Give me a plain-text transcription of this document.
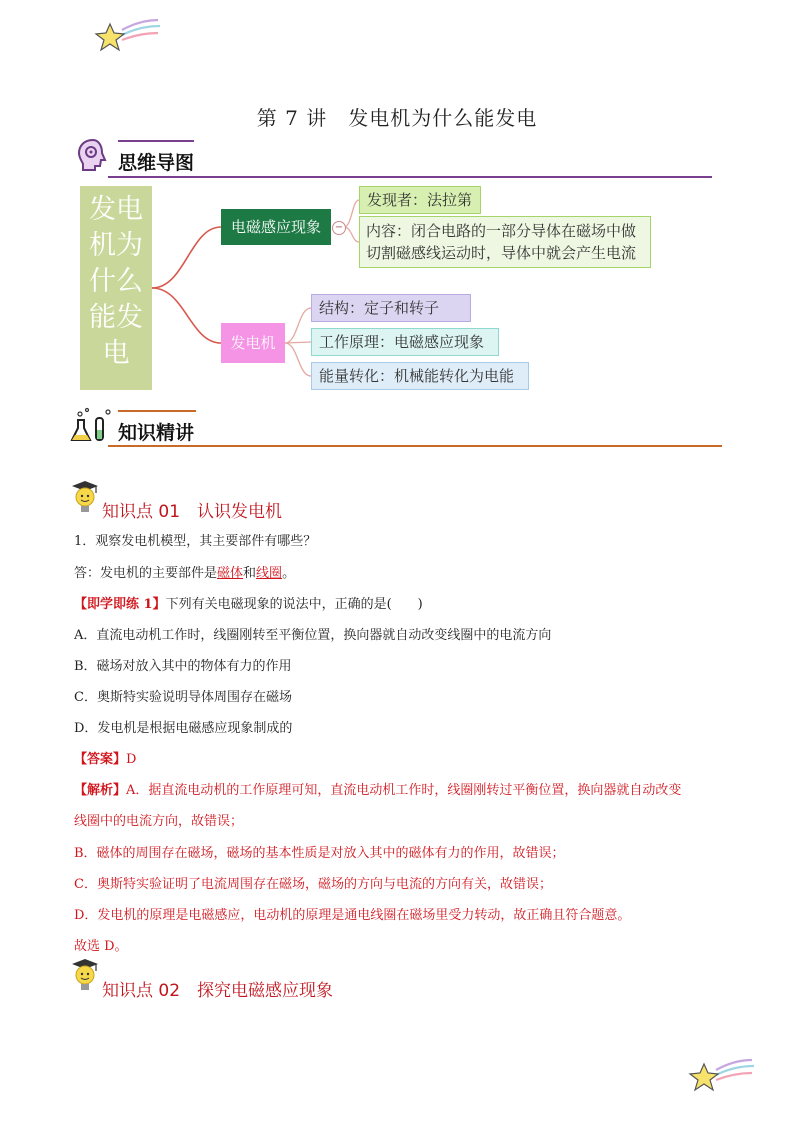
第 7 讲　发电机为什么能发电
思维导图
发电
机为
什么
能发
电
电磁感应现象	−
发现者：法拉第
内容：闭合电路的一部分导体在磁场中做
切割磁感线运动时，导体中就会产生电流
发电机
结构：定子和转子
工作原理：电磁感应现象
能量转化：机械能转化为电能
知识精讲
知识点 01　认识发电机
1．观察发电机模型，其主要部件有哪些？
答：发电机的主要部件是磁体和线圈。
【即学即练 1】下列有关电磁现象的说法中，正确的是(　　)
A．直流电动机工作时，线圈刚转至平衡位置，换向器就自动改变线圈中的电流方向
B．磁场对放入其中的物体有力的作用
C．奥斯特实验说明导体周围存在磁场
D．发电机是根据电磁感应现象制成的
【答案】D
【解析】A．据直流电动机的工作原理可知，直流电动机工作时，线圈刚转过平衡位置，换向器就自动改变
线圈中的电流方向，故错误；
B．磁体的周围存在磁场，磁场的基本性质是对放入其中的磁体有力的作用，故错误；
C．奥斯特实验证明了电流周围存在磁场，磁场的方向与电流的方向有关，故错误；
D．发电机的原理是电磁感应，电动机的原理是通电线圈在磁场里受力转动，故正确且符合题意。
故选 D。
知识点 02　探究电磁感应现象
